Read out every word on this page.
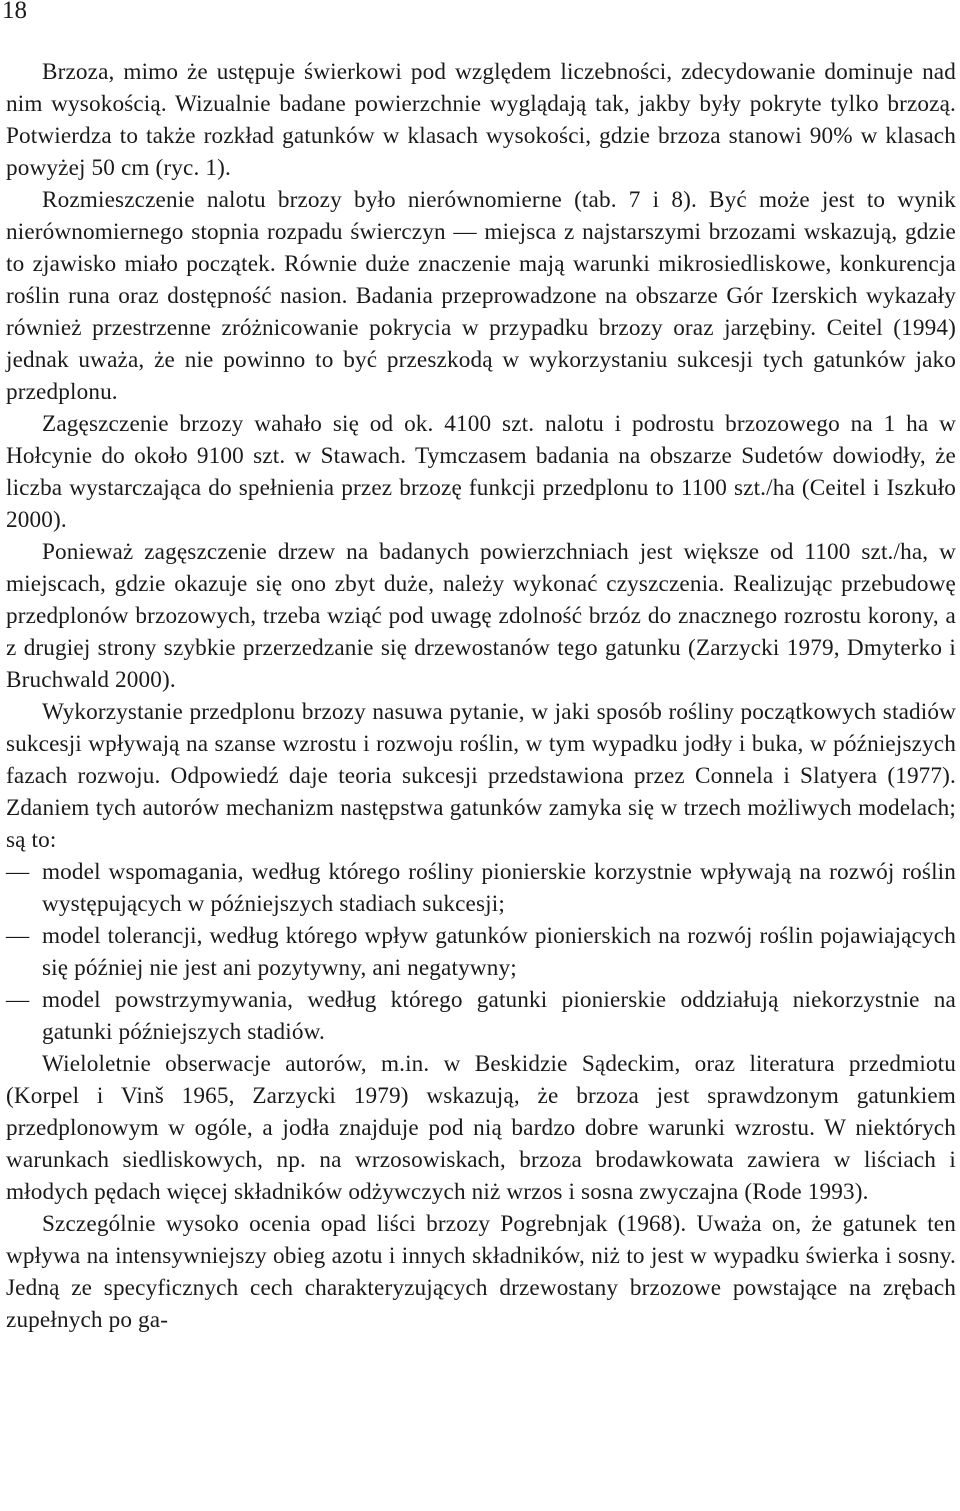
18

Brzoza, mimo że ustępuje świerkowi pod względem liczebności, zdecydowanie dominuje nad nim wysokością. Wizualnie badane powierzchnie wyglądają tak, jakby były pokryte tylko brzozą. Potwierdza to także rozkład gatunków w klasach wysokości, gdzie brzoza stanowi 90% w klasach powyżej 50 cm (ryc. 1).

Rozmieszczenie nalotu brzozy było nierównomierne (tab. 7 i 8). Być może jest to wynik nierównomiernego stopnia rozpadu świerczyn — miejsca z najstarszymi brzozami wskazują, gdzie to zjawisko miało początek. Równie duże znaczenie mają warunki mikrosiedliskowe, konkurencja roślin runa oraz dostępność nasion. Badania przeprowadzone na obszarze Gór Izerskich wykazały również przestrzenne zróżnicowanie pokrycia w przypadku brzozy oraz jarzębiny. Ceitel (1994) jednak uważa, że nie powinno to być przeszkodą w wykorzystaniu sukcesji tych gatunków jako przedplonu.

Zagęszczenie brzozy wahało się od ok. 4100 szt. nalotu i podrostu brzozowego na 1 ha w Hołcynie do około 9100 szt. w Stawach. Tymczasem badania na obszarze Sudetów dowiodły, że liczba wystarczająca do spełnienia przez brzozę funkcji przedplonu to 1100 szt./ha (Ceitel i Iszkuło 2000).

Ponieważ zagęszczenie drzew na badanych powierzchniach jest większe od 1100 szt./ha, w miejscach, gdzie okazuje się ono zbyt duże, należy wykonać czyszczenia. Realizując przebudowę przedplonów brzozowych, trzeba wziąć pod uwagę zdolność brzóz do znacznego rozrostu korony, a z drugiej strony szybkie przerzedzanie się drzewostanów tego gatunku (Zarzycki 1979, Dmyterko i Bruchwald 2000).

Wykorzystanie przedplonu brzozy nasuwa pytanie, w jaki sposób rośliny początkowych stadiów sukcesji wpływają na szanse wzrostu i rozwoju roślin, w tym wypadku jodły i buka, w późniejszych fazach rozwoju. Odpowiedź daje teoria sukcesji przedstawiona przez Connela i Slatyera (1977). Zdaniem tych autorów mechanizm następstwa gatunków zamyka się w trzech możliwych modelach; są to:

— model wspomagania, według którego rośliny pionierskie korzystnie wpływają na rozwój roślin występujących w późniejszych stadiach sukcesji;
— model tolerancji, według którego wpływ gatunków pionierskich na rozwój roślin pojawiających się później nie jest ani pozytywny, ani negatywny;
— model powstrzymywania, według którego gatunki pionierskie oddziałują niekorzystnie na gatunki późniejszych stadiów.

Wieloletnie obserwacje autorów, m.in. w Beskidzie Sądeckim, oraz literatura przedmiotu (Korpel i Vinš 1965, Zarzycki 1979) wskazują, że brzoza jest sprawdzonym gatunkiem przedplonowym w ogóle, a jodła znajduje pod nią bardzo dobre warunki wzrostu. W niektórych warunkach siedliskowych, np. na wrzosowiskach, brzoza brodawkowata zawiera w liściach i młodych pędach więcej składników odżywczych niż wrzos i sosna zwyczajna (Rode 1993).

Szczególnie wysoko ocenia opad liści brzozy Pogrebnjak (1968). Uważa on, że gatunek ten wpływa na intensywniejszy obieg azotu i innych składników, niż to jest w wypadku świerka i sosny. Jedną ze specyficznych cech charakteryzujących drzewostany brzozowe powstające na zrębach zupełnych po ga-
